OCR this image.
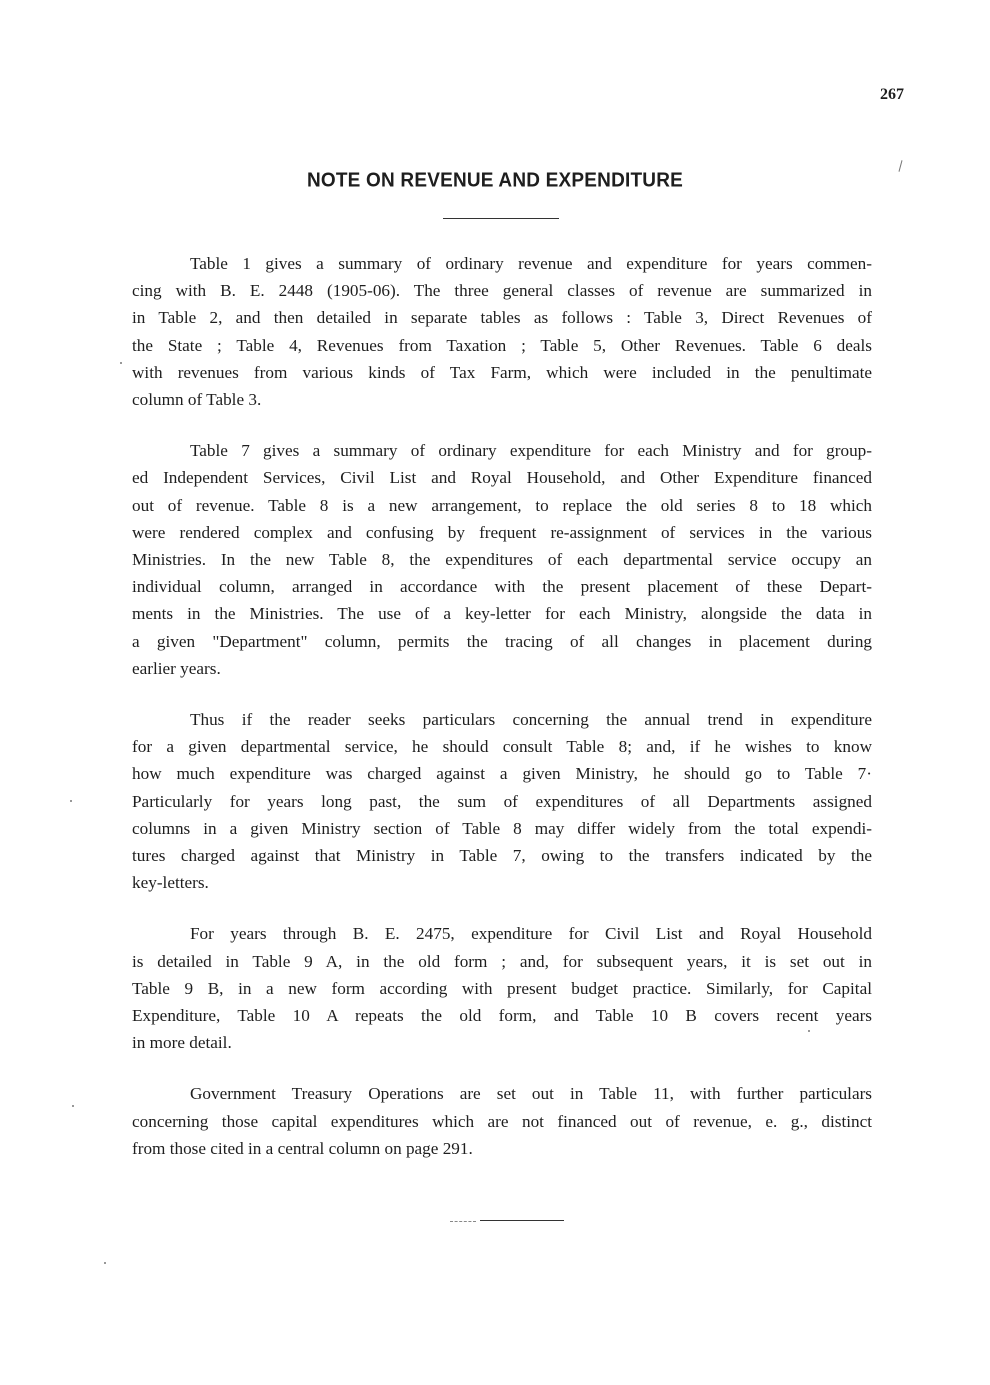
267
NOTE ON REVENUE AND EXPENDITURE

Table 1 gives a summary of ordinary revenue and expenditure for years commen-
cing with B. E. 2448 (1905-06). The three general classes of revenue are summarized in
in Table 2, and then detailed in separate tables as follows : Table 3, Direct Revenues of
the State ; Table 4, Revenues from Taxation ; Table 5, Other Revenues. Table 6 deals
with revenues from various kinds of Tax Farm, which were included in the penultimate
column of Table 3.

Table 7 gives a summary of ordinary expenditure for each Ministry and for group-
ed Independent Services, Civil List and Royal Household, and Other Expenditure financed
out of revenue. Table 8 is a new arrangement, to replace the old series 8 to 18 which
were rendered complex and confusing by frequent re-assignment of services in the various
Ministries. In the new Table 8, the expenditures of each departmental service occupy an
individual column, arranged in accordance with the present placement of these Depart-
ments in the Ministries. The use of a key-letter for each Ministry, alongside the data in
a given "Department" column, permits the tracing of all changes in placement during
earlier years.

Thus if the reader seeks particulars concerning the annual trend in expenditure
for a given departmental service, he should consult Table 8; and, if he wishes to know
how much expenditure was charged against a given Ministry, he should go to Table 7·
Particularly for years long past, the sum of expenditures of all Departments assigned
columns in a given Ministry section of Table 8 may differ widely from the total expendi-
tures charged against that Ministry in Table 7, owing to the transfers indicated by the
key-letters.

For years through B. E. 2475, expenditure for Civil List and Royal Household
is detailed in Table 9 A, in the old form ; and, for subsequent years, it is set out in
Table 9 B, in a new form according with present budget practice. Similarly, for Capital
Expenditure, Table 10 A repeats the old form, and Table 10 B covers recent years
in more detail.

Government Treasury Operations are set out in Table 11, with further particulars
concerning those capital expenditures which are not financed out of revenue, e. g., distinct
from those cited in a central column on page 291.
